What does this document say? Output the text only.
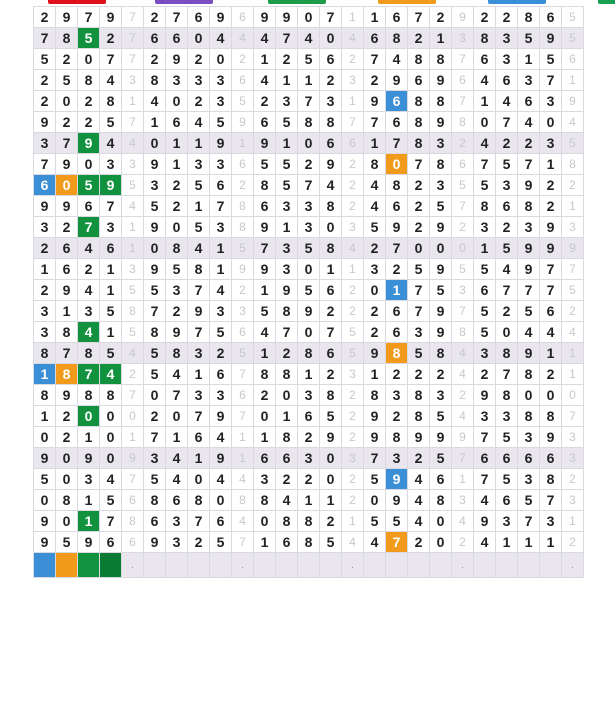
2	9	7	9	7	2	7	6	9	6	9	9	0	7	1	1	6	7	2	9	2	2	8	6	5
7	8	5	2	7	6	6	0	4	4	4	7	4	0	4	6	8	2	1	3	8	3	5	9	5
5	2	0	7	7	2	9	2	0	2	1	2	5	6	2	7	4	8	8	7	6	3	1	5	6
2	5	8	4	3	8	3	3	3	6	4	1	1	2	3	2	9	6	9	6	4	6	3	7	1
2	0	2	8	1	4	0	2	3	5	2	3	7	3	1	9	6	8	8	7	1	4	6	3	9
9	2	2	5	7	1	6	4	5	9	6	5	8	8	7	7	6	8	9	8	0	7	4	0	4
3	7	9	4	4	0	1	1	9	1	9	1	0	6	6	1	7	8	3	2	4	2	2	3	5
7	9	0	3	3	9	1	3	3	6	5	5	2	9	2	8	0	7	8	6	7	5	7	1	8
6	0	5	9	5	3	2	5	6	2	8	5	7	4	2	4	8	2	3	5	5	3	9	2	2
9	9	6	7	4	5	2	1	7	8	6	3	3	8	2	4	6	2	5	7	8	6	8	2	1
3	2	7	3	1	9	0	5	3	8	9	1	3	0	3	5	9	2	9	2	3	2	3	9	3
2	6	4	6	1	0	8	4	1	5	7	3	5	8	4	2	7	0	0	0	1	5	9	9	9
1	6	2	1	3	9	5	8	1	9	9	3	0	1	1	3	2	5	9	5	5	4	9	7	7
2	9	4	1	5	5	3	7	4	2	1	9	5	6	2	0	1	7	5	3	6	7	7	7	5
3	1	3	5	8	7	2	9	3	3	5	8	9	2	2	2	6	7	9	7	5	2	5	6	2
3	8	4	1	5	8	9	7	5	6	4	7	0	7	5	2	6	3	9	8	5	0	4	4	4
8	7	8	5	4	5	8	3	2	5	1	2	8	6	5	9	8	5	8	4	3	8	9	1	1
1	8	7	4	2	5	4	1	6	7	8	8	1	2	3	1	2	2	2	4	2	7	8	2	1
8	9	8	8	7	0	7	3	3	6	2	0	3	8	2	8	3	8	3	2	9	8	0	0	0
1	2	0	0	0	2	0	7	9	7	0	1	6	5	2	9	2	8	5	4	3	3	8	8	7
0	2	1	0	1	7	1	6	4	1	1	8	2	9	2	9	8	9	9	9	7	5	3	9	3
9	0	9	0	9	3	4	1	9	1	6	6	3	0	3	7	3	2	5	7	6	6	6	6	3
5	0	3	4	7	5	4	0	4	4	3	2	2	0	2	5	9	4	6	1	7	5	3	8	2
0	8	1	5	6	8	6	8	0	8	8	4	1	1	2	0	9	4	8	3	4	6	5	7	3
9	0	1	7	8	6	3	7	6	4	0	8	8	2	1	5	5	4	0	4	9	3	7	3	1
9	5	9	6	6	9	3	2	5	7	1	6	8	5	4	4	7	2	0	2	4	1	1	1	2
				.					.					.					.					.
